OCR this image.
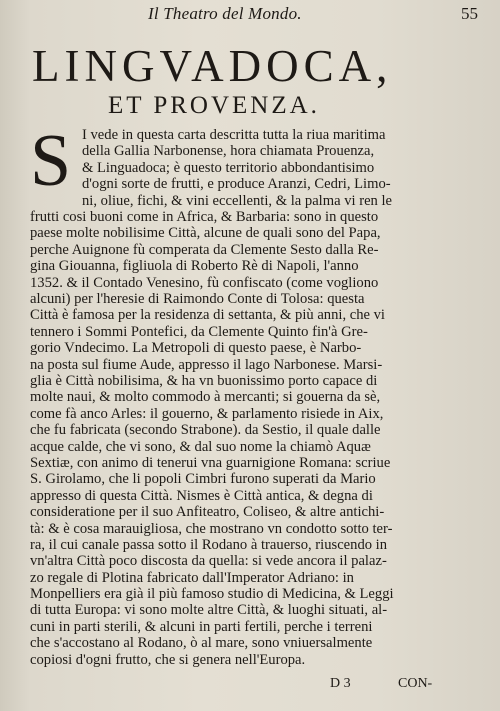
Il Theatro del Mondo.	55
LINGVADOCA,
ET PROVENZA.
S I vede in questa carta descritta tutta la riua maritima
della Gallia Narbonense, hora chiamata Prouenza,
& Linguadoca; è questo territorio abbondantisimo
d'ogni sorte de frutti, e produce Aranzi, Cedri, Limo-
ni, oliue, fichi, & vini eccellenti, & la palma vi ren le
frutti cosi buoni come in Africa, & Barbaria: sono in questo
paese molte nobilisime Città, alcune de quali sono del Papa,
perche Auignone fù comperata da Clemente Sesto dalla Re-
gina Giouanna, figliuola di Roberto Rè di Napoli, l'anno
1352. & il Contado Venesino, fù confiscato (come vogliono
alcuni) per l'heresie di Raimondo Conte di Tolosa: questa
Città è famosa per la residenza di settanta, & più anni, che vi
tennero i Sommi Pontefici, da Clemente Quinto fin'à Gre-
gorio Vndecimo. La Metropoli di questo paese, è Narbo-
na posta sul fiume Aude, appresso il lago Narbonese. Marsi-
glia è Città nobilisima, & ha vn buonissimo porto capace di
molte naui, & molto commodo à mercanti; si gouerna da sè,
come fà anco Arles: il gouerno, & parlamento risiede in Aix,
che fu fabricata (secondo Strabone). da Sestio, il quale dalle
acque calde, che vi sono, & dal suo nome la chiamò Aquæ
Sextiæ, con animo di tenerui vna guarnigione Romana: scriue
S. Girolamo, che li popoli Cimbri furono superati da Mario
appresso di questa Città. Nismes è Città antica, & degna di
consideratione per il suo Anfiteatro, Coliseo, & altre antichi-
tà: & è cosa marauigliosa, che mostrano vn condotto sotto ter-
ra, il cui canale passa sotto il Rodano à trauerso, riuscendo in
vn'altra Città poco discosta da quella: si vede ancora il palaz-
zo regale di Plotina fabricato dall'Imperator Adriano: in
Monpelliers era già il più famoso studio di Medicina, & Leggi
di tutta Europa: vi sono molte altre Città, & luoghi situati, al-
cuni in parti sterili, & alcuni in parti fertili, perche i terreni
che s'accostano al Rodano, ò al mare, sono vniuersalmente
copiosi d'ogni frutto, che si genera nell'Europa.
D 3	CON-
